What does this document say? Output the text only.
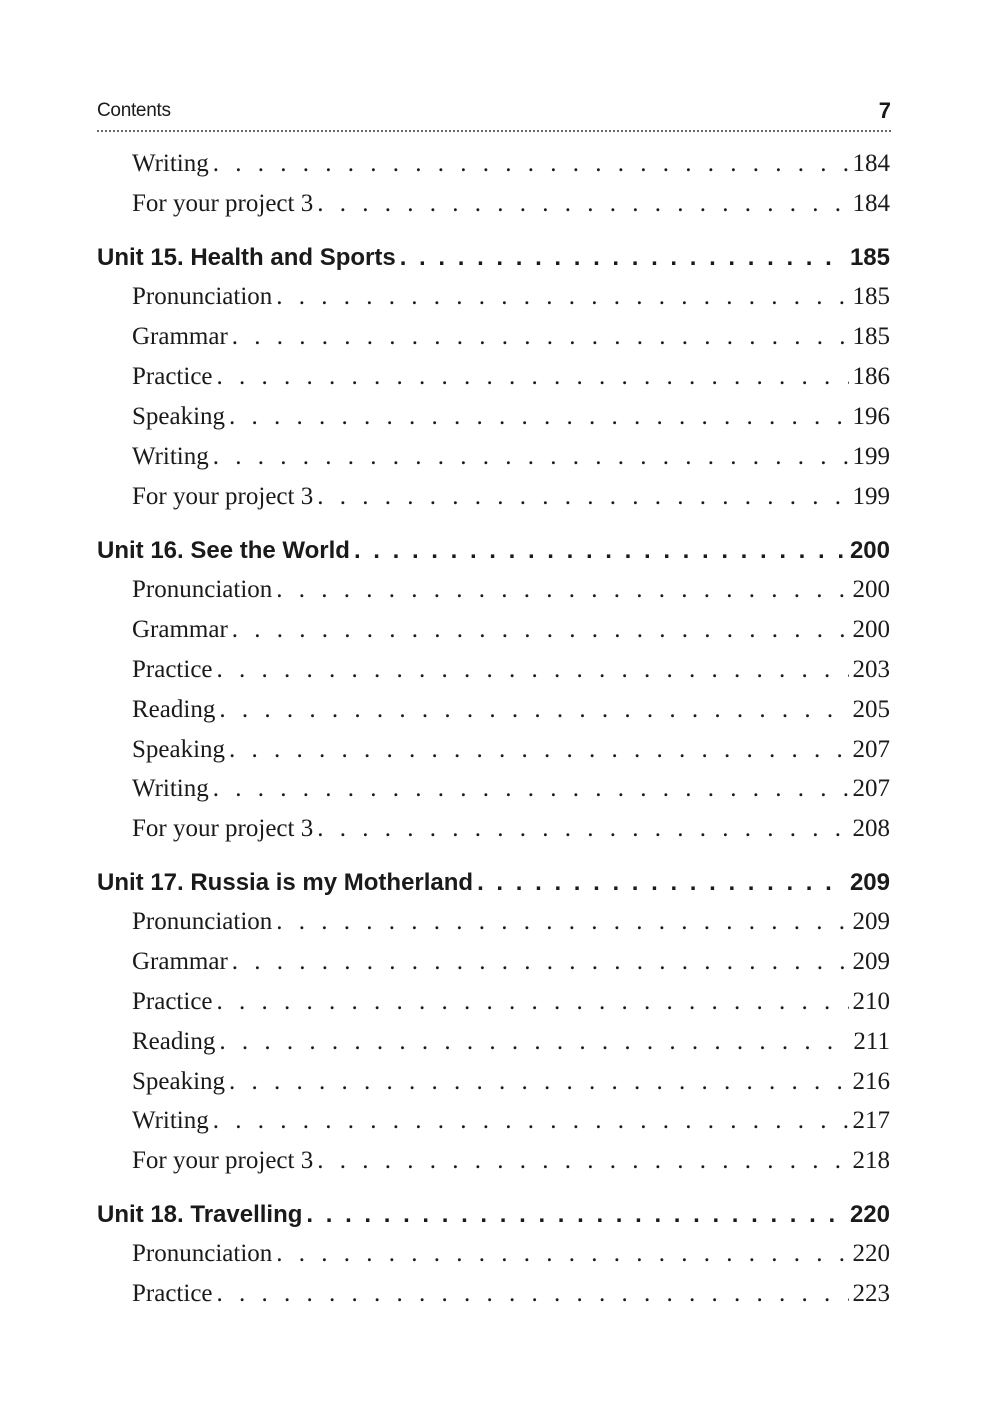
Contents	7
Writing . . .	184
For your project 3 . . .	184
Unit 15. Health and Sports . . .	185
Pronunciation . . .	185
Grammar . . .	185
Practice . . .	186
Speaking . . .	196
Writing . . .	199
For your project 3 . . .	199
Unit 16. See the World . . .	200
Pronunciation . . .	200
Grammar . . .	200
Practice . . .	203
Reading . . .	205
Speaking . . .	207
Writing . . .	207
For your project 3 . . .	208
Unit 17. Russia is my Motherland . . .	209
Pronunciation . . .	209
Grammar . . .	209
Practice . . .	210
Reading . . .	211
Speaking . . .	216
Writing . . .	217
For your project 3 . . .	218
Unit 18. Travelling . . .	220
Pronunciation . . .	220
Practice . . .	223
